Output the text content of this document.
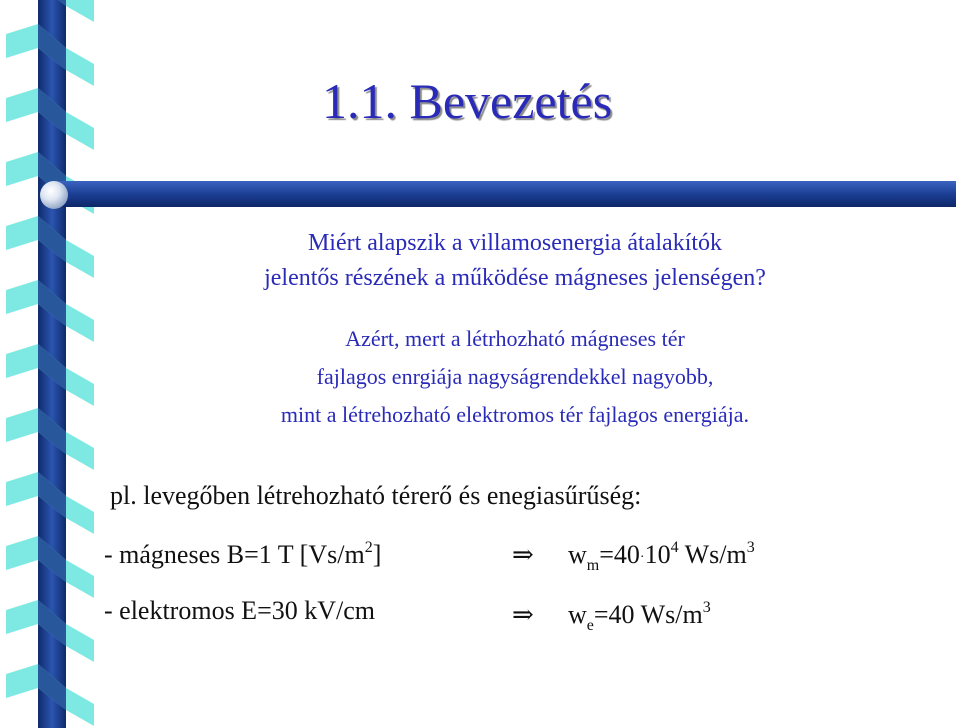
1.1. Bevezetés
Miért alapszik a villamosenergia átalakítók
jelentős részének a működése mágneses jelenségen?
Azért, mert a létrhozható mágneses tér
fajlagos enrgiája nagyságrendekkel nagyobb,
mint a létrehozható elektromos tér fajlagos energiája.
pl. levegőben létrehozható térerő és enegiasűrűség:
- mágneses B=1 T $[Vs/m^2]$	⇒ $w_m=40\cdot 10^4$ $Ws/m^3$
- elektromos E=30 kV/cm	⇒ $w_e=40$ $Ws/m^3$
